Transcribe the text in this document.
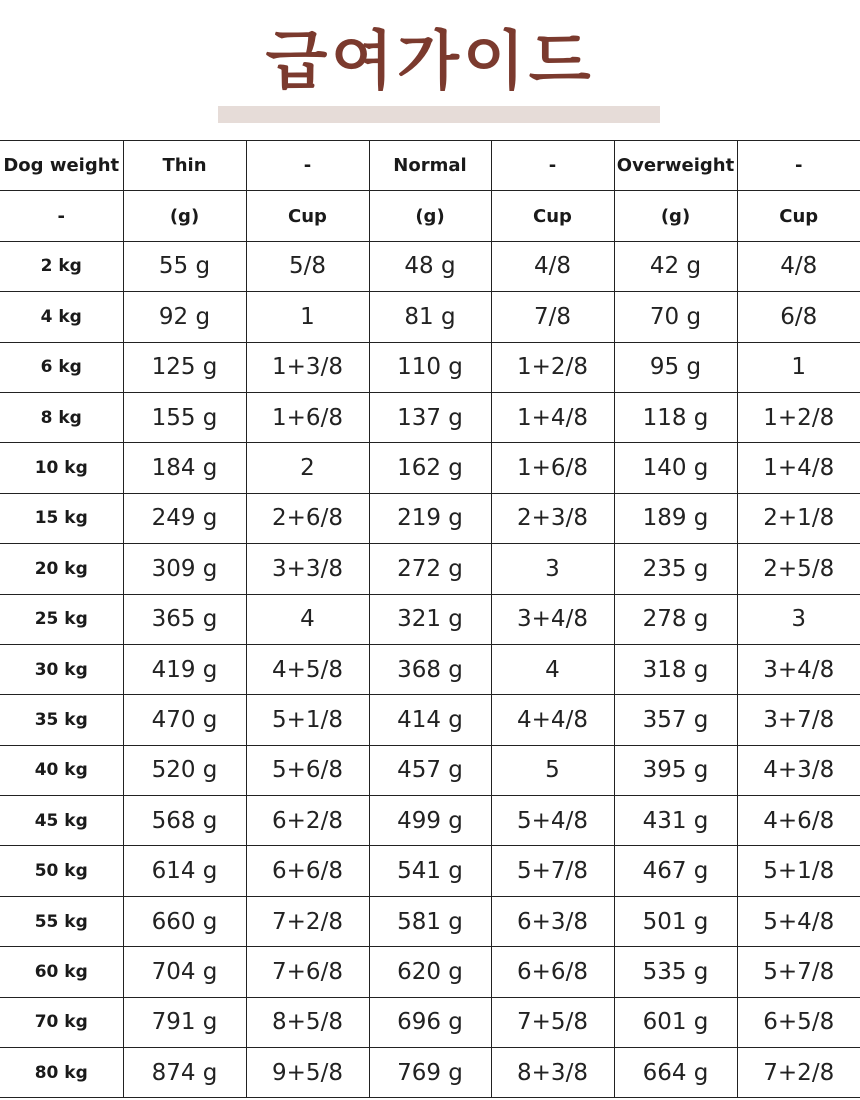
급여가이드
Dog weight	Thin	-	Normal	-	Overweight	-
-	(g)	Cup	(g)	Cup	(g)	Cup
2 kg	55 g	5/8	48 g	4/8	42 g	4/8
4 kg	92 g	1	81 g	7/8	70 g	6/8
6 kg	125 g	1+3/8	110 g	1+2/8	95 g	1
8 kg	155 g	1+6/8	137 g	1+4/8	118 g	1+2/8
10 kg	184 g	2	162 g	1+6/8	140 g	1+4/8
15 kg	249 g	2+6/8	219 g	2+3/8	189 g	2+1/8
20 kg	309 g	3+3/8	272 g	3	235 g	2+5/8
25 kg	365 g	4	321 g	3+4/8	278 g	3
30 kg	419 g	4+5/8	368 g	4	318 g	3+4/8
35 kg	470 g	5+1/8	414 g	4+4/8	357 g	3+7/8
40 kg	520 g	5+6/8	457 g	5	395 g	4+3/8
45 kg	568 g	6+2/8	499 g	5+4/8	431 g	4+6/8
50 kg	614 g	6+6/8	541 g	5+7/8	467 g	5+1/8
55 kg	660 g	7+2/8	581 g	6+3/8	501 g	5+4/8
60 kg	704 g	7+6/8	620 g	6+6/8	535 g	5+7/8
70 kg	791 g	8+5/8	696 g	7+5/8	601 g	6+5/8
80 kg	874 g	9+5/8	769 g	8+3/8	664 g	7+2/8
